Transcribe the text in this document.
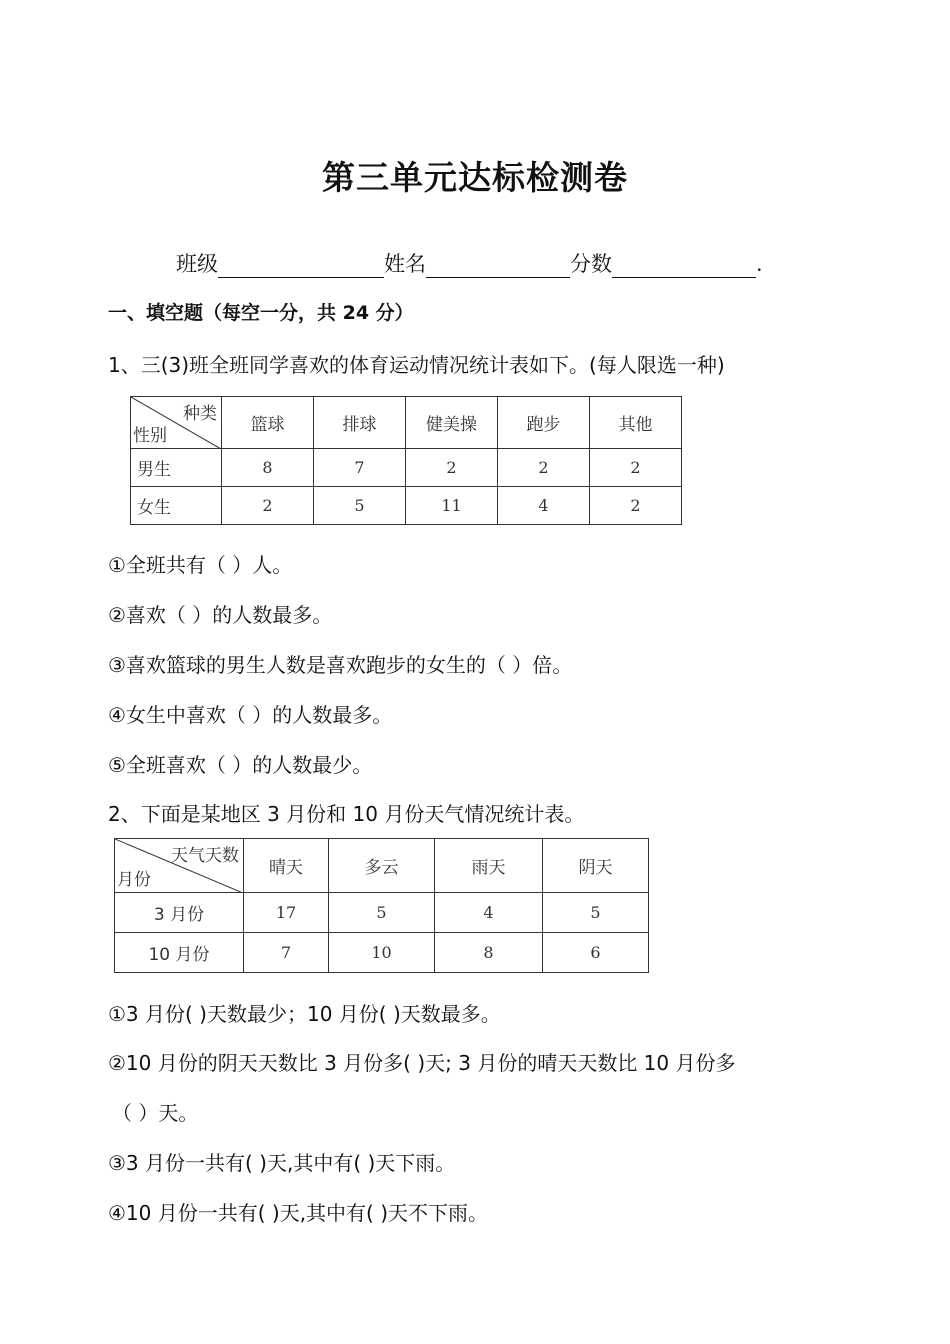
第三单元达标检测卷
班级	姓名	分数	.
一、填空题（每空一分，共 24 分）
1、三(3)班全班同学喜欢的体育运动情况统计表如下。(每人限选一种)
种类
性别	篮球	排球	健美操	跑步	其他
男生	8	7	2	2	2
女生	2	5	11	4	2
①全班共有（ ）人。
②喜欢（ ）的人数最多。
③喜欢篮球的男生人数是喜欢跑步的女生的（ ）倍。
④女生中喜欢（ ）的人数最多。
⑤全班喜欢（ ）的人数最少。
2、下面是某地区 3 月份和 10 月份天气情况统计表。
天气天数
月份	晴天	多云	雨天	阴天
3 月份	17	5	4	5
10 月份	7	10	8	6
①3 月份( )天数最少；10 月份( )天数最多。
②10 月份的阴天天数比 3 月份多( )天; 3 月份的晴天天数比 10 月份多
（ ）天。
③3 月份一共有( )天,其中有( )天下雨。
④10 月份一共有( )天,其中有( )天不下雨。
